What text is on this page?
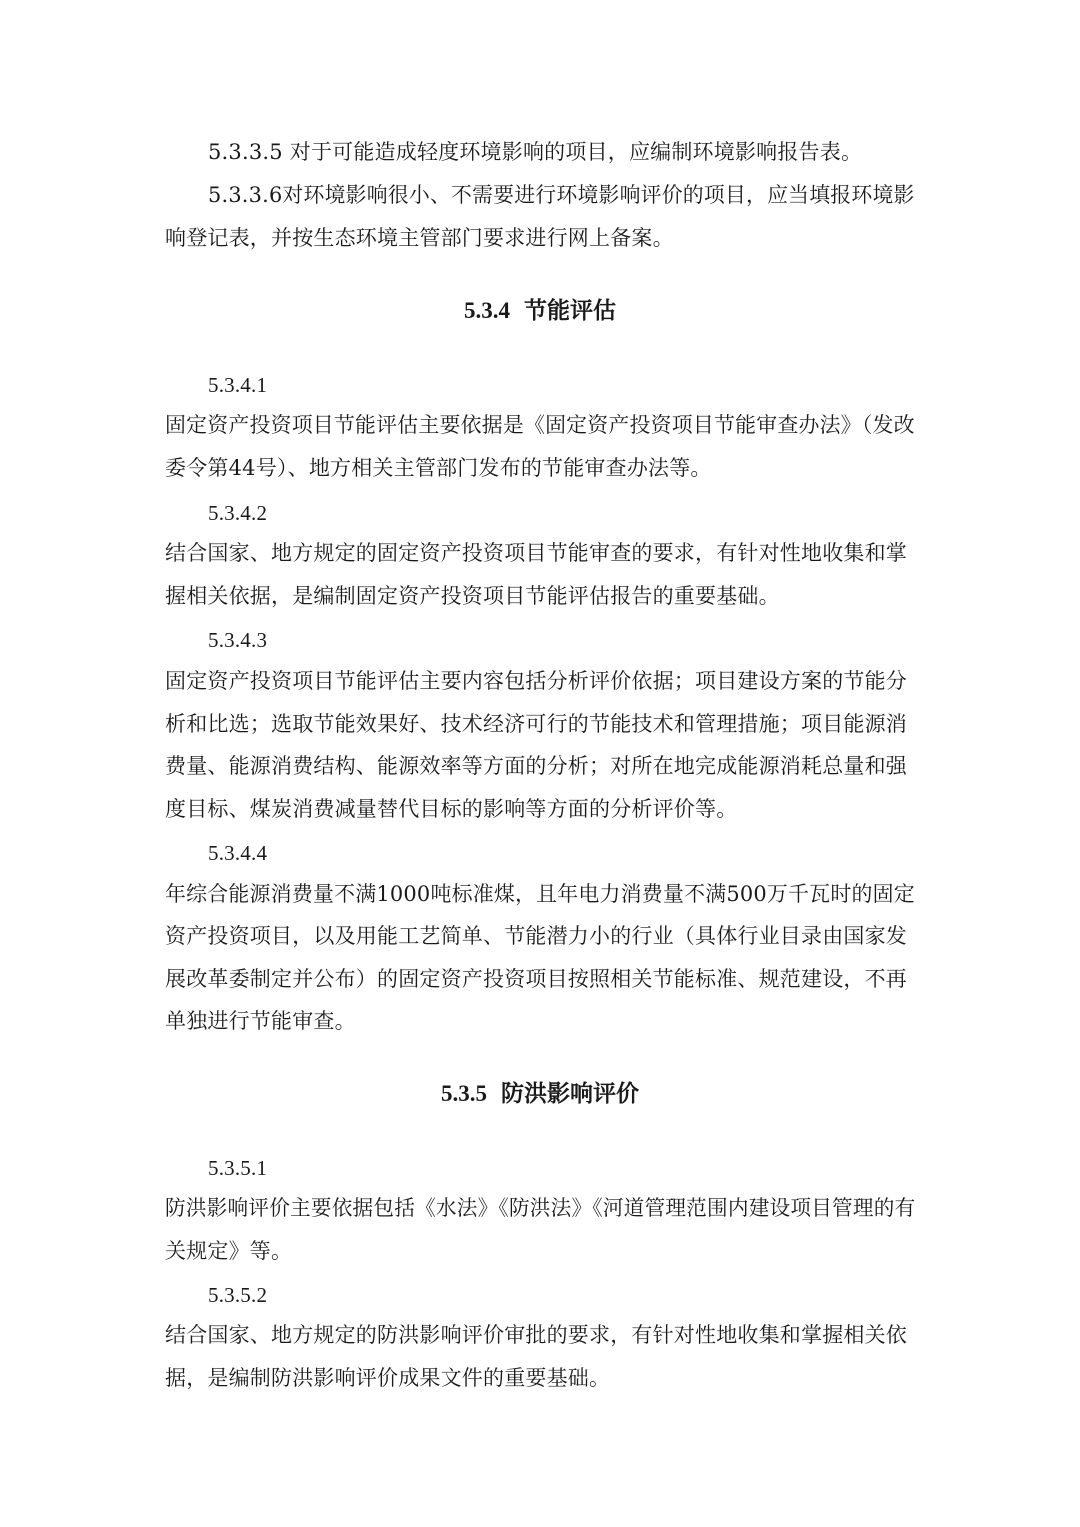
5.3.3.5 对于可能造成轻度环境影响的项目，应编制环境影响报告表。
5.3.3.6对环境影响很小、不需要进行环境影响评价的项目，应当填报环境影
响登记表，并按生态环境主管部门要求进行网上备案。
5.3.4 节能评估
5.3.4.1
固定资产投资项目节能评估主要依据是《固定资产投资项目节能审查办法》（发改
委令第44号）、地方相关主管部门发布的节能审查办法等。
5.3.4.2
结合国家、地方规定的固定资产投资项目节能审查的要求，有针对性地收集和掌
握相关依据，是编制固定资产投资项目节能评估报告的重要基础。
5.3.4.3
固定资产投资项目节能评估主要内容包括分析评价依据；项目建设方案的节能分
析和比选；选取节能效果好、技术经济可行的节能技术和管理措施；项目能源消
费量、能源消费结构、能源效率等方面的分析；对所在地完成能源消耗总量和强
度目标、煤炭消费减量替代目标的影响等方面的分析评价等。
5.3.4.4
年综合能源消费量不满1000吨标准煤，且年电力消费量不满500万千瓦时的固定
资产投资项目，以及用能工艺简单、节能潜力小的行业（具体行业目录由国家发
展改革委制定并公布）的固定资产投资项目按照相关节能标准、规范建设，不再
单独进行节能审查。
5.3.5 防洪影响评价
5.3.5.1
防洪影响评价主要依据包括《水法》《防洪法》《河道管理范围内建设项目管理的有
关规定》等。
5.3.5.2
结合国家、地方规定的防洪影响评价审批的要求，有针对性地收集和掌握相关依
据，是编制防洪影响评价成果文件的重要基础。
